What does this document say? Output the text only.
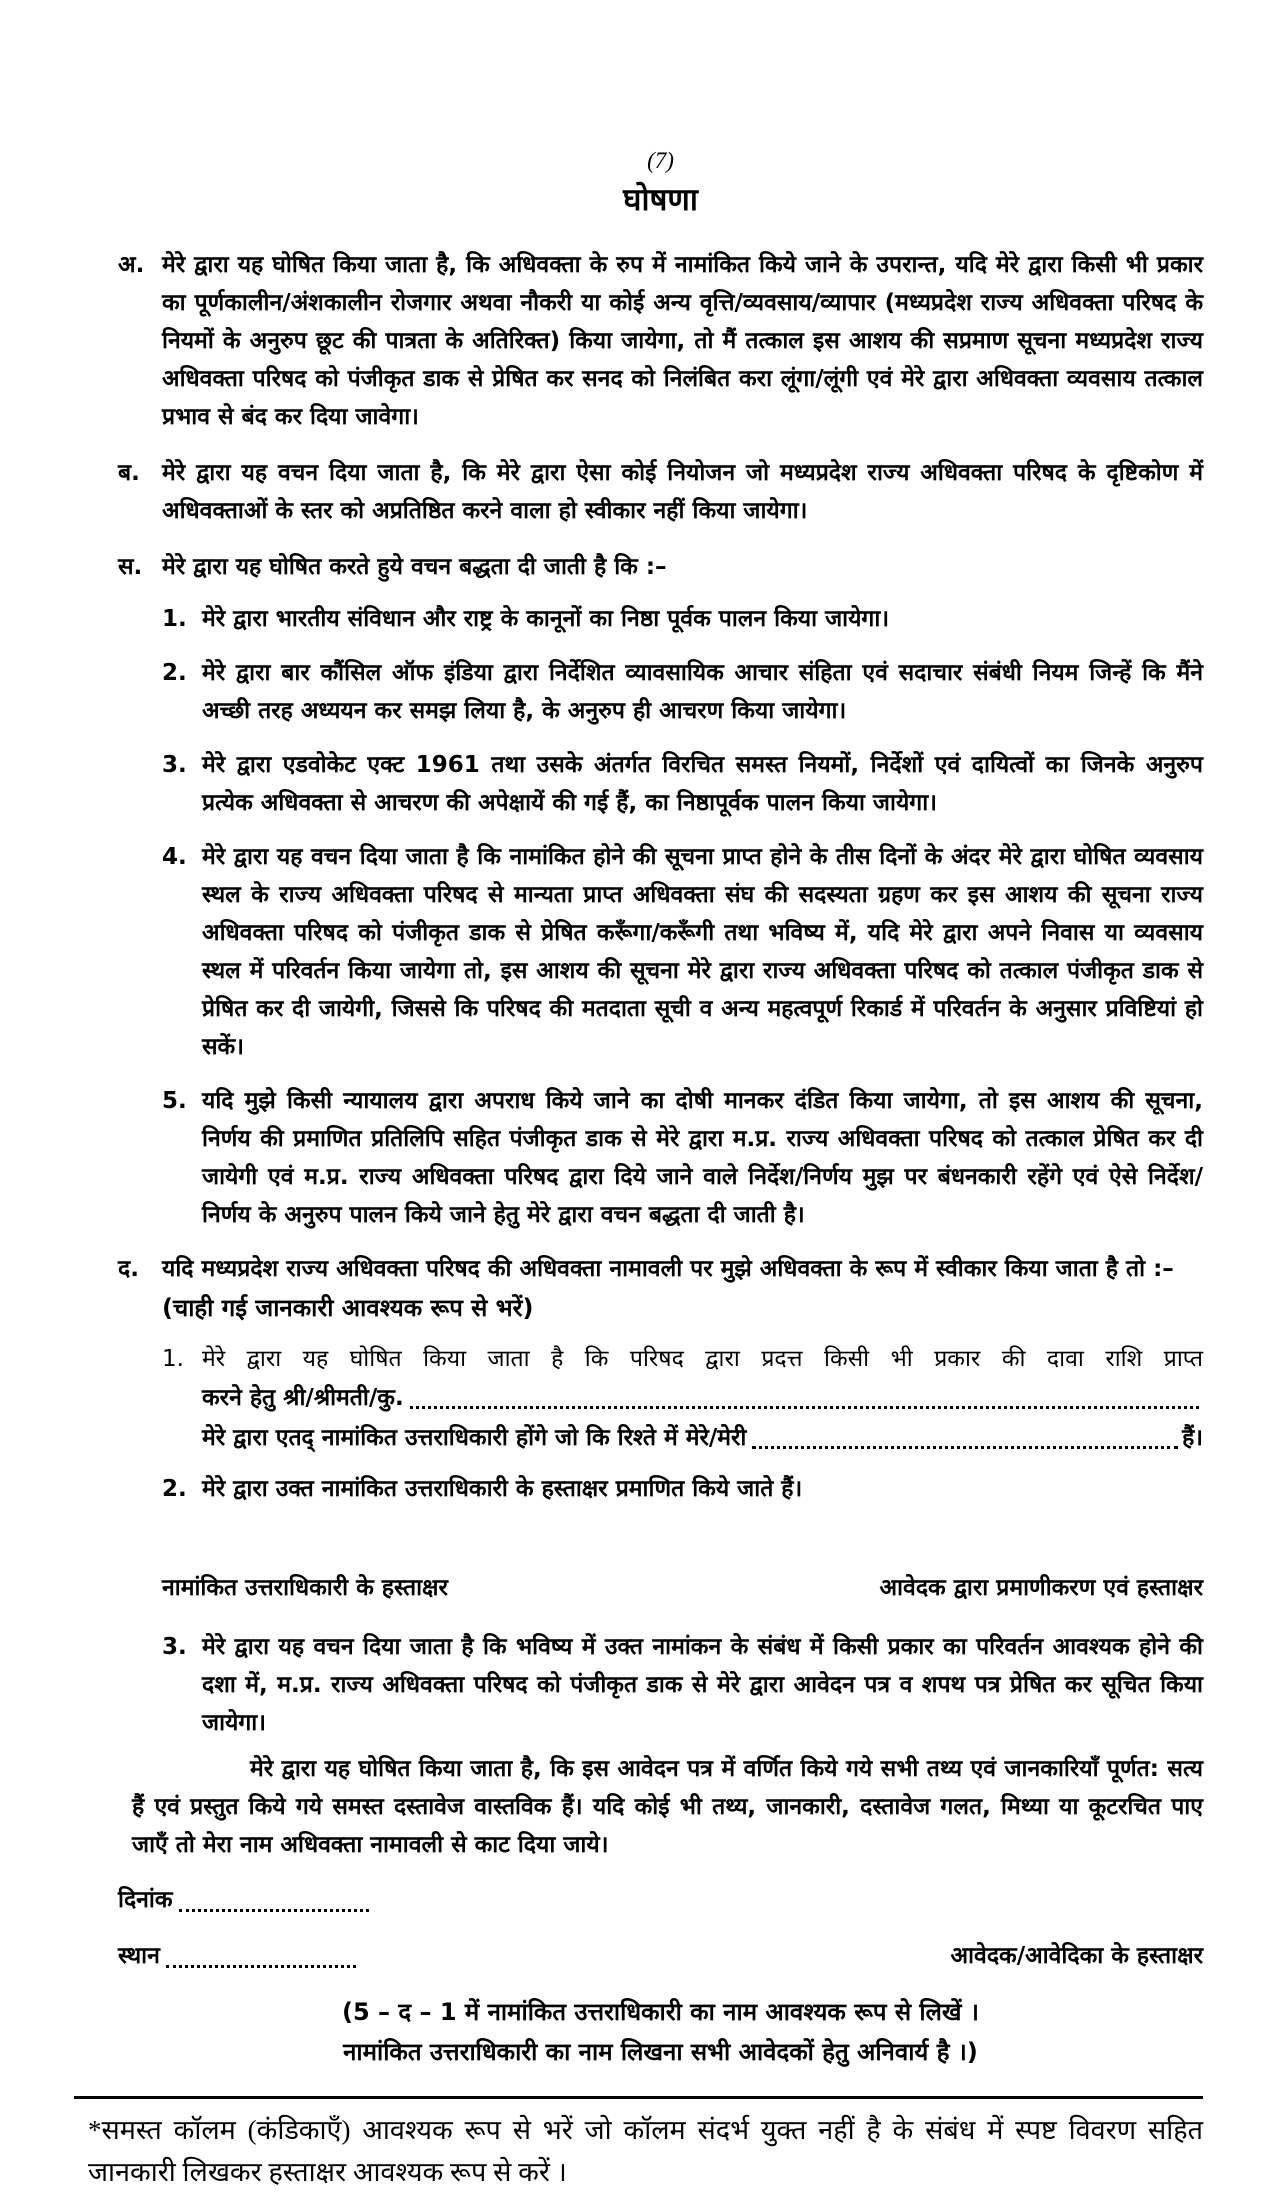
(7)
घोषणा
अ. मेरे द्वारा यह घोषित किया जाता है, कि अधिवक्ता के रुप में नामांकित किये जाने के उपरान्त, यदि मेरे द्वारा किसी भी प्रकार का पूर्णकालीन/अंशकालीन रोजगार अथवा नौकरी या कोई अन्य वृत्ति/व्यवसाय/व्यापार (मध्यप्रदेश राज्य अधिवक्ता परिषद के नियमों के अनुरुप छूट की पात्रता के अतिरिक्त) किया जायेगा, तो मैं तत्काल इस आशय की सप्रमाण सूचना मध्यप्रदेश राज्य अधिवक्ता परिषद को पंजीकृत डाक से प्रेषित कर सनद को निलंबित करा लूंगा/लूंगी एवं मेरे द्वारा अधिवक्ता व्यवसाय तत्काल प्रभाव से बंद कर दिया जावेगा।
ब. मेरे द्वारा यह वचन दिया जाता है, कि मेरे द्वारा ऐसा कोई नियोजन जो मध्यप्रदेश राज्य अधिवक्ता परिषद के दृष्टिकोण में अधिवक्ताओं के स्तर को अप्रतिष्ठित करने वाला हो स्वीकार नहीं किया जायेगा।
स. मेरे द्वारा यह घोषित करते हुये वचन बद्धता दी जाती है कि :–
1. मेरे द्वारा भारतीय संविधान और राष्ट्र के कानूनों का निष्ठा पूर्वक पालन किया जायेगा।
2. मेरे द्वारा बार कौंसिल ऑफ इंडिया द्वारा निर्देशित व्यावसायिक आचार संहिता एवं सदाचार संबंधी नियम जिन्हें कि मैंने अच्छी तरह अध्ययन कर समझ लिया है, के अनुरुप ही आचरण किया जायेगा।
3. मेरे द्वारा एडवोकेट एक्ट 1961 तथा उसके अंतर्गत विरचित समस्त नियमों, निर्देशों एवं दायित्वों का जिनके अनुरुप प्रत्येक अधिवक्ता से आचरण की अपेक्षायें की गई हैं, का निष्ठापूर्वक पालन किया जायेगा।
4. मेरे द्वारा यह वचन दिया जाता है कि नामांकित होने की सूचना प्राप्त होने के तीस दिनों के अंदर मेरे द्वारा घोषित व्यवसाय स्थल के राज्य अधिवक्ता परिषद से मान्यता प्राप्त अधिवक्ता संघ की सदस्यता ग्रहण कर इस आशय की सूचना राज्य अधिवक्ता परिषद को पंजीकृत डाक से प्रेषित करूँगा/करूँगी तथा भविष्य में, यदि मेरे द्वारा अपने निवास या व्यवसाय स्थल में परिवर्तन किया जायेगा तो, इस आशय की सूचना मेरे द्वारा राज्य अधिवक्ता परिषद को तत्काल पंजीकृत डाक से प्रेषित कर दी जायेगी, जिससे कि परिषद की मतदाता सूची व अन्य महत्वपूर्ण रिकार्ड में परिवर्तन के अनुसार प्रविष्टियां हो सकें।
5. यदि मुझे किसी न्यायालय द्वारा अपराध किये जाने का दोषी मानकर दंडित किया जायेगा, तो इस आशय की सूचना, निर्णय की प्रमाणित प्रतिलिपि सहित पंजीकृत डाक से मेरे द्वारा म.प्र. राज्य अधिवक्ता परिषद को तत्काल प्रेषित कर दी जायेगी एवं म.प्र. राज्य अधिवक्ता परिषद द्वारा दिये जाने वाले निर्देश/निर्णय मुझ पर बंधनकारी रहेंगे एवं ऐसे निर्देश/निर्णय के अनुरुप पालन किये जाने हेतु मेरे द्वारा वचन बद्धता दी जाती है।
द.	यदि मध्यप्रदेश राज्य अधिवक्ता परिषद की अधिवक्ता नामावली पर मुझे अधिवक्ता के रूप में स्वीकार किया जाता है तो :–
(चाही गई जानकारी आवश्यक रूप से भरें)
1. मेरे द्वारा यह घोषित किया जाता है कि परिषद द्वारा प्रदत्त किसी भी प्रकार की दावा राशि प्राप्त
करने हेतु श्री/श्रीमती/कु.
मेरे द्वारा एतद् नामांकित उत्तराधिकारी होंगे जो कि रिश्ते में मेरे/मेरी	हैं।
2. मेरे द्वारा उक्त नामांकित उत्तराधिकारी के हस्ताक्षर प्रमाणित किये जाते हैं।
नामांकित उत्तराधिकारी के हस्ताक्षर	आवेदक द्वारा प्रमाणीकरण एवं हस्ताक्षर
3. मेरे द्वारा यह वचन दिया जाता है कि भविष्य में उक्त नामांकन के संबंध में किसी प्रकार का परिवर्तन आवश्यक होने की दशा में, म.प्र. राज्य अधिवक्ता परिषद को पंजीकृत डाक से मेरे द्वारा आवेदन पत्र व शपथ पत्र प्रेषित कर सूचित किया जायेगा।
मेरे द्वारा यह घोषित किया जाता है, कि इस आवेदन पत्र में वर्णित किये गये सभी तथ्य एवं जानकारियाँ पूर्णत: सत्य हैं एवं प्रस्तुत किये गये समस्त दस्तावेज वास्तविक हैं। यदि कोई भी तथ्य, जानकारी, दस्तावेज गलत, मिथ्या या कूटरचित पाए जाएँ तो मेरा नाम अधिवक्ता नामावली से काट दिया जाये।
दिनांक
स्थान	आवेदक/आवेदिका के हस्ताक्षर
(5 – द – 1 में नामांकित उत्तराधिकारी का नाम आवश्यक रूप से लिखें ।
नामांकित उत्तराधिकारी का नाम लिखना सभी आवेदकों हेतु अनिवार्य है ।)
*समस्त कॉलम (कंडिकाएँ) आवश्यक रूप से भरें जो कॉलम संदर्भ युक्त नहीं है के संबंध में स्पष्ट विवरण सहित जानकारी लिखकर हस्ताक्षर आवश्यक रूप से करें ।
